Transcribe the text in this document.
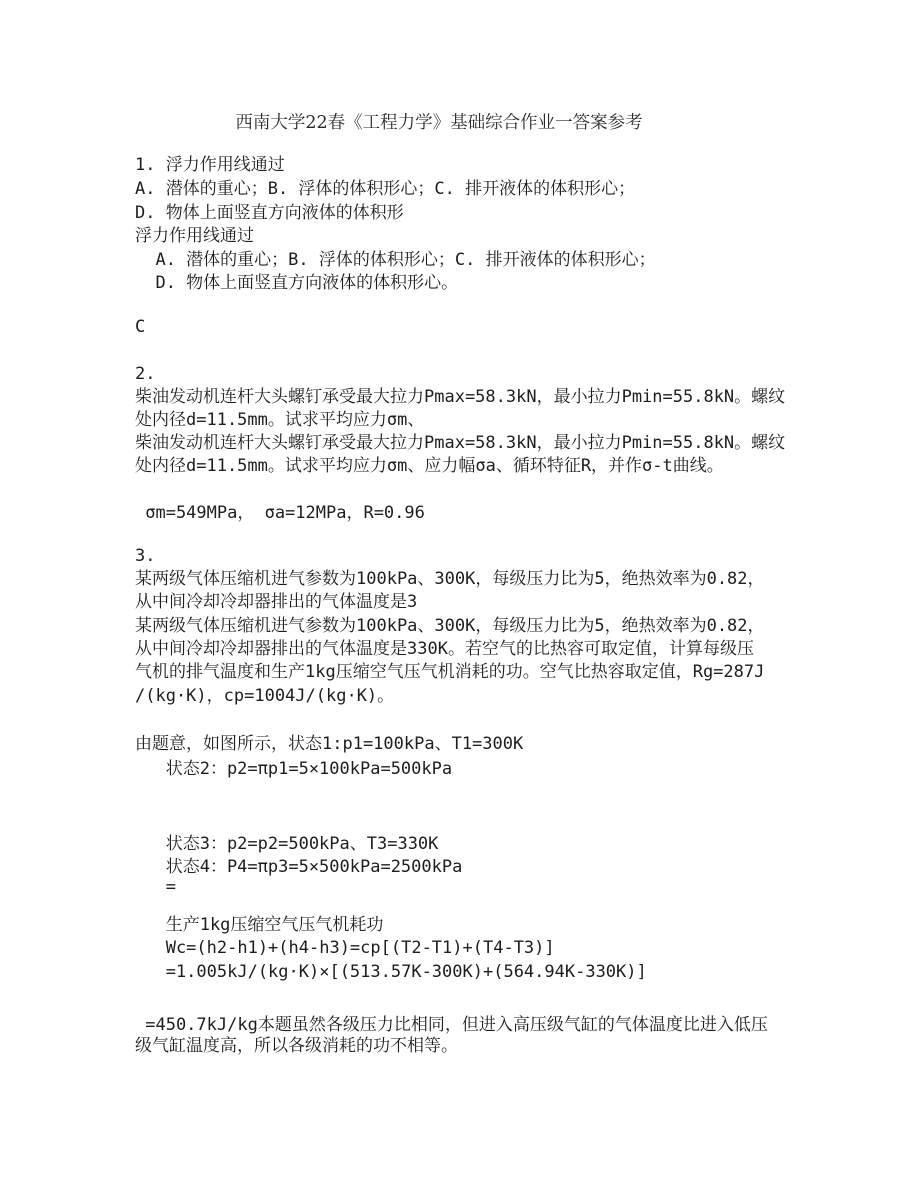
西南大学22春《工程力学》基础综合作业一答案参考
1. 浮力作用线通过
A. 潜体的重心；B. 浮体的体积形心；C. 排开液体的体积形心；
D. 物体上面竖直方向液体的体积形
浮力作用线通过
A. 潜体的重心；B. 浮体的体积形心；C. 排开液体的体积形心；
D. 物体上面竖直方向液体的体积形心。
C
2.
柴油发动机连杆大头螺钉承受最大拉力Pmax=58.3kN，最小拉力Pmin=55.8kN。螺纹
处内径d=11.5mm。试求平均应力σm、
柴油发动机连杆大头螺钉承受最大拉力Pmax=58.3kN，最小拉力Pmin=55.8kN。螺纹
处内径d=11.5mm。试求平均应力σm、应力幅σa、循环特征R，并作σ-t曲线。
σm=549MPa， σa=12MPa，R=0.96
3.
某两级气体压缩机进气参数为100kPa、300K，每级压力比为5，绝热效率为0.82，
从中间冷却冷却器排出的气体温度是3
某两级气体压缩机进气参数为100kPa、300K，每级压力比为5，绝热效率为0.82，
从中间冷却冷却器排出的气体温度是330K。若空气的比热容可取定值，计算每级压
气机的排气温度和生产1kg压缩空气压气机消耗的功。空气比热容取定值，Rg=287J
/(kg·K)，cp=1004J/(kg·K)。
由题意，如图所示，状态1:p1=100kPa、T1=300K
状态2：p2=πp1=5×100kPa=500kPa
状态3：p2=p2=500kPa、T3=330K
状态4：P4=πp3=5×500kPa=2500kPa
=
生产1kg压缩空气压气机耗功
Wc=(h2-h1)+(h4-h3)=cp[(T2-T1)+(T4-T3)]
=1.005kJ/(kg·K)×[(513.57K-300K)+(564.94K-330K)]
=450.7kJ/kg本题虽然各级压力比相同，但进入高压级气缸的气体温度比进入低压
级气缸温度高，所以各级消耗的功不相等。
